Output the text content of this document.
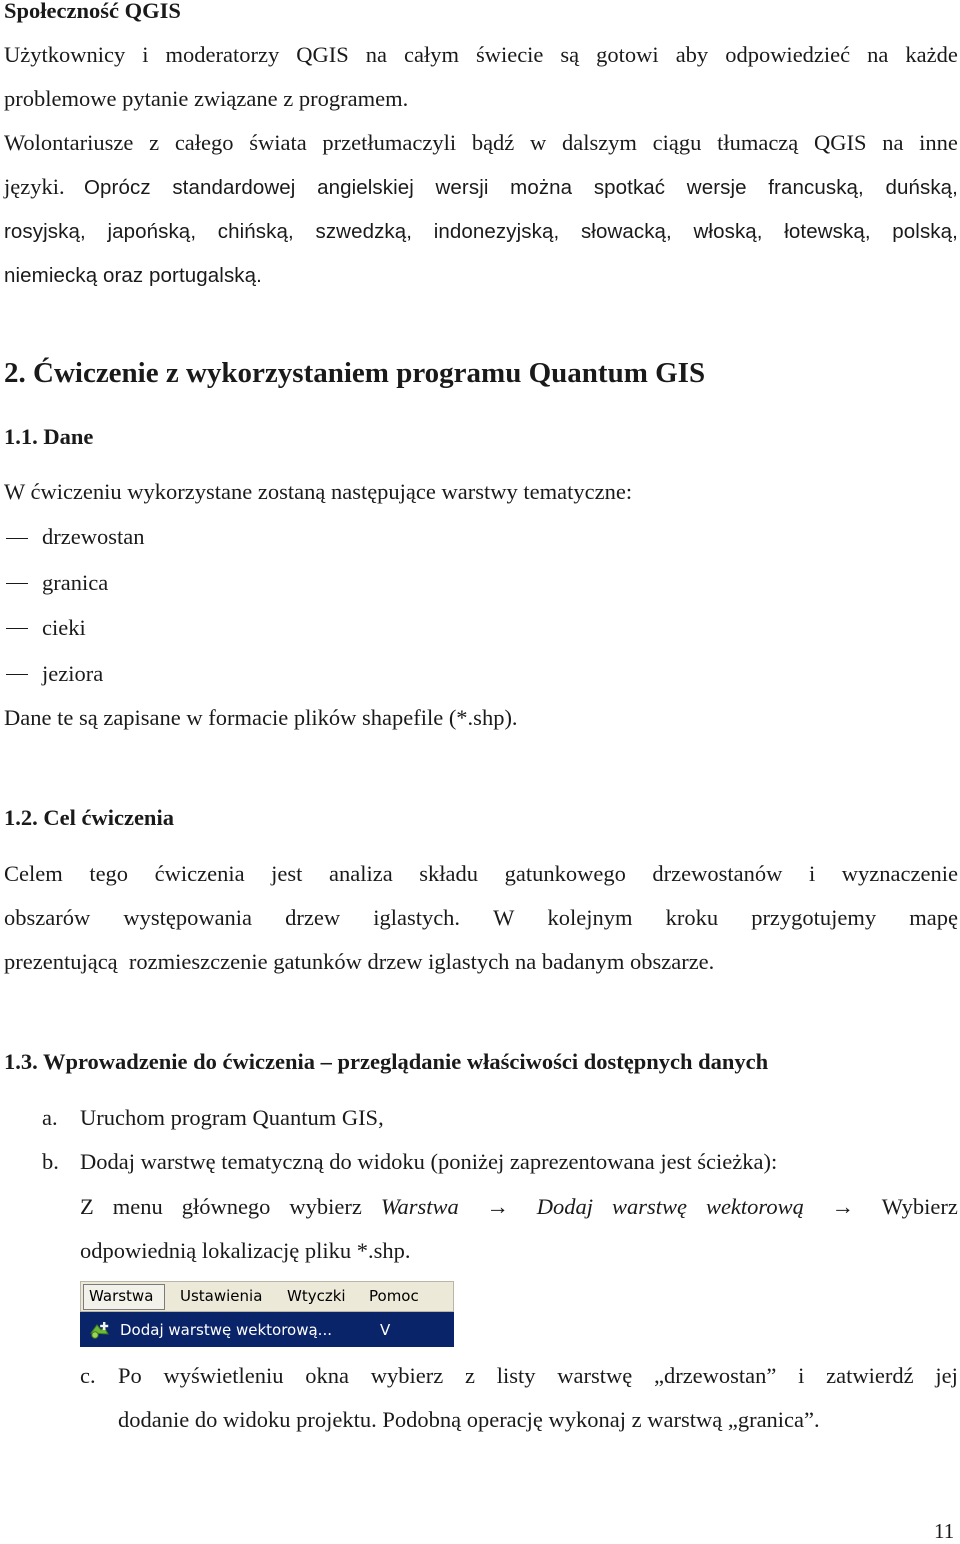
Społeczność QGIS
Użytkownicy i moderatorzy QGIS na całym świecie są gotowi aby odpowiedzieć na każde
problemowe pytanie związane z programem.
Wolontariusze z całego świata przetłumaczyli bądź w dalszym ciągu tłumaczą QGIS na inne
języki. Oprócz standardowej angielskiej wersji można spotkać wersje francuską, duńską,
rosyjską, japońską, chińską, szwedzką, indonezyjską, słowacką, włoską, łotewską, polską,
niemiecką oraz portugalską.
2. Ćwiczenie z wykorzystaniem programu Quantum GIS
1.1. Dane
W ćwiczeniu wykorzystane zostaną następujące warstwy tematyczne:
drzewostan
granica
cieki
jeziora
Dane te są zapisane w formacie plików shapefile (*.shp).
1.2. Cel ćwiczenia
Celem tego ćwiczenia jest analiza składu gatunkowego drzewostanów i wyznaczenie
obszarów występowania drzew iglastych. W kolejnym kroku przygotujemy mapę
prezentującą  rozmieszczenie gatunków drzew iglastych na badanym obszarze.
1.3. Wprowadzenie do ćwiczenia – przeglądanie właściwości dostępnych danych
a. Uruchom program Quantum GIS,
b. Dodaj warstwę tematyczną do widoku (poniżej zaprezentowana jest ścieżka):
Z menu głównego wybierz Warstwa	→	Dodaj warstwę wektorową	→	Wybierz
odpowiednią lokalizację pliku *.shp.
Warstwa Ustawienia Wtyczki Pomoc
Dodaj warstwę wektorową...	V
c. Po wyświetleniu okna wybierz z listy warstwę „drzewostan” i zatwierdź jej
dodanie do widoku projektu. Podobną operację wykonaj z warstwą „granica”.
11
